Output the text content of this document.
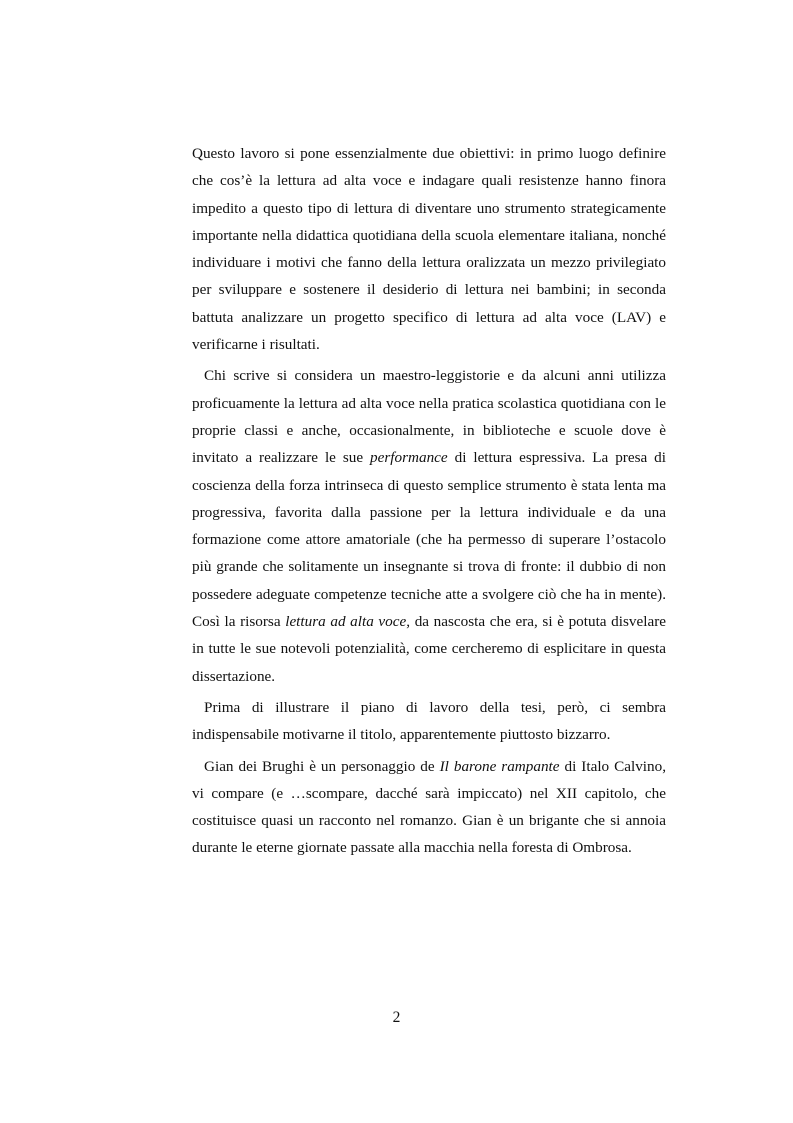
Questo lavoro si pone essenzialmente due obiettivi: in primo luogo definire che cos’è la lettura ad alta voce e indagare quali resistenze hanno finora impedito a questo tipo di lettura di diventare uno strumento strategicamente importante nella didattica quotidiana della scuola elementare italiana, nonché individuare i motivi che fanno della lettura oralizzata un mezzo privilegiato per sviluppare e sostenere il desiderio di lettura nei bambini; in seconda battuta analizzare un progetto specifico di lettura ad alta voce (LAV) e verificarne i risultati.

Chi scrive si considera un maestro-leggistorie e da alcuni anni utilizza proficuamente la lettura ad alta voce nella pratica scolastica quotidiana con le proprie classi e anche, occasionalmente, in biblioteche e scuole dove è invitato a realizzare le sue performance di lettura espressiva. La presa di coscienza della forza intrinseca di questo semplice strumento è stata lenta ma progressiva, favorita dalla passione per la lettura individuale e da una formazione come attore amatoriale (che ha permesso di superare l’ostacolo più grande che solitamente un insegnante si trova di fronte: il dubbio di non possedere adeguate competenze tecniche atte a svolgere ciò che ha in mente). Così la risorsa lettura ad alta voce, da nascosta che era, si è potuta disvelare in tutte le sue notevoli potenzialità, come cercheremo di esplicitare in questa dissertazione.

Prima di illustrare il piano di lavoro della tesi, però, ci sembra indispensabile motivarne il titolo, apparentemente piuttosto bizzarro.

Gian dei Brughi è un personaggio de Il barone rampante di Italo Calvino, vi compare (e …scompare, dacché sarà impiccato) nel XII capitolo, che costituisce quasi un racconto nel romanzo. Gian è un brigante che si annoia durante le eterne giornate passate alla macchia nella foresta di Ombrosa.

2
